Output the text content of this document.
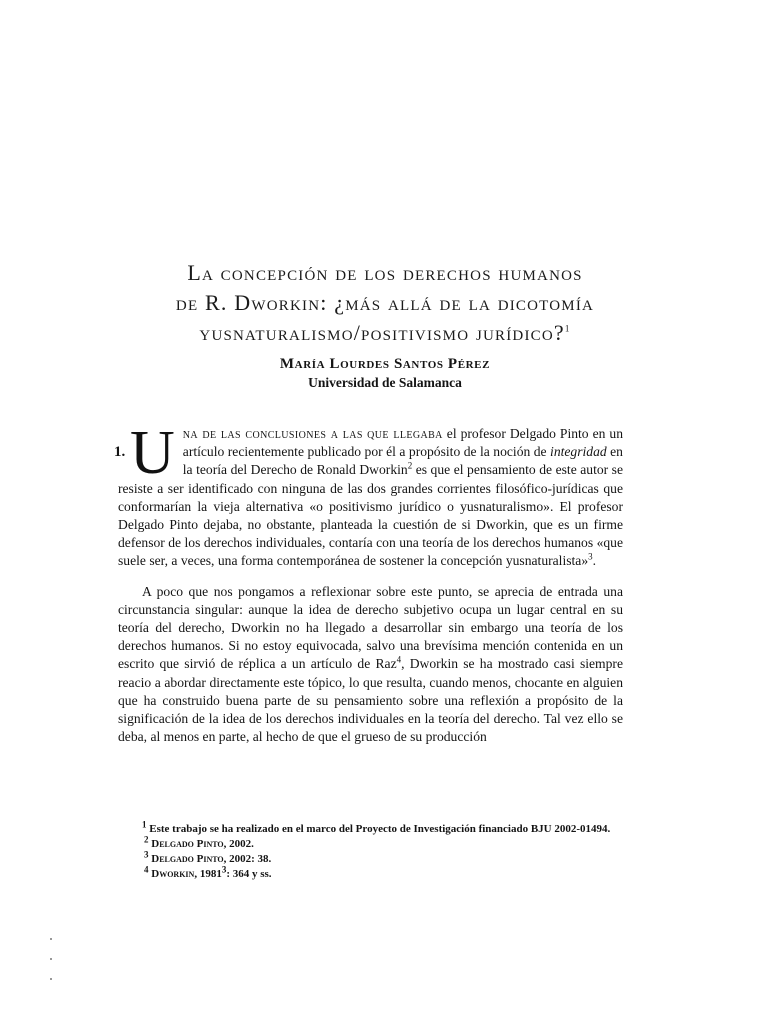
La concepción de los derechos humanos
de R. Dworkin: ¿más allá de la dicotomía
yusnaturalismo/positivismo jurídico?$^1$
María Lourdes Santos Pérez
Universidad de Salamanca
1. Una de las conclusiones a las que llegaba el profesor Delgado Pinto en un artículo recientemente publicado por él a propósito de la noción de integridad en la teoría del Derecho de Ronald Dworkin$^2$ es que el pensamiento de este autor se resiste a ser identificado con ninguna de las dos grandes corrientes filosófico-jurídicas que conformarían la vieja alternativa «o positivismo jurídico o yusnaturalismo». El profesor Delgado Pinto dejaba, no obstante, planteada la cuestión de si Dworkin, que es un firme defensor de los derechos individuales, contaría con una teoría de los derechos humanos «que suele ser, a veces, una forma contemporánea de sostener la concepción yusnaturalista»$^3$.

A poco que nos pongamos a reflexionar sobre este punto, se aprecia de entrada una circunstancia singular: aunque la idea de derecho subjetivo ocupa un lugar central en su teoría del derecho, Dworkin no ha llegado a desarrollar sin embargo una teoría de los derechos humanos. Si no estoy equivocada, salvo una brevísima mención contenida en un escrito que sirvió de réplica a un artículo de Raz$^4$, Dworkin se ha mostrado casi siempre reacio a abordar directamente este tópico, lo que resulta, cuando menos, chocante en alguien que ha construido buena parte de su pensamiento sobre una reflexión a propósito de la significación de la idea de los derechos individuales en la teoría del derecho. Tal vez ello se deba, al menos en parte, al hecho de que el grueso de su producción

$^1$ Este trabajo se ha realizado en el marco del Proyecto de Investigación financiado BJU 2002-01494.
$^2$ Delgado Pinto, 2002.
$^3$ Delgado Pinto, 2002: 38.
$^4$ Dworkin, 1981$^3$: 364 y ss.
